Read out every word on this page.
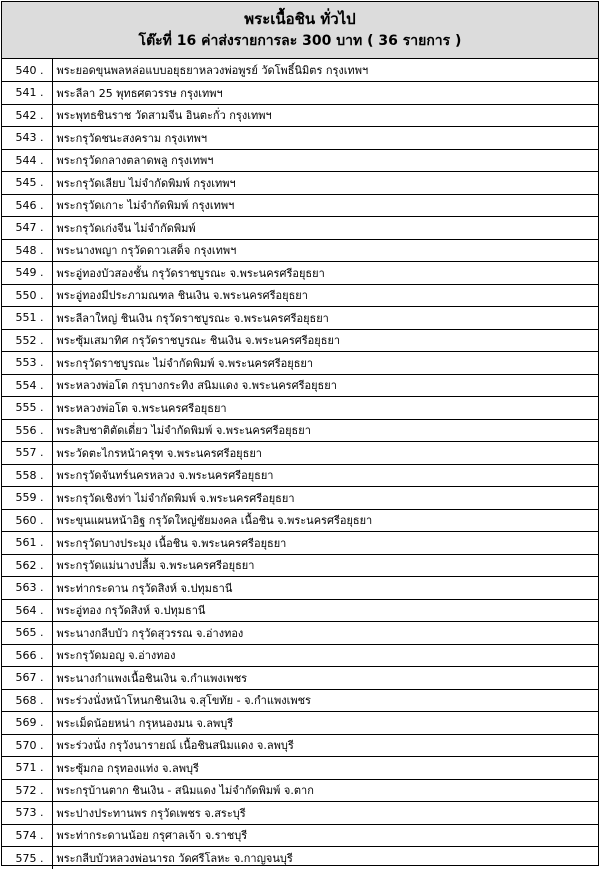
พระเนื้อชิน ทั่วไป
โต๊ะที่ 16 ค่าส่งรายการละ 300 บาท ( 36 รายการ )
540 .	พระยอดขุนพลหล่อแบบอยุธยาหลวงพ่อพูรย์ วัดโพธิ์นิมิตร กรุงเทพฯ
541 .	พระลีลา 25 พุทธศตวรรษ กรุงเทพฯ
542 .	พระพุทธชินราช วัดสามจีน อินตะกั่ว กรุงเทพฯ
543 .	พระกรุวัดชนะสงคราม กรุงเทพฯ
544 .	พระกรุวัดกลางตลาดพลู กรุงเทพฯ
545 .	พระกรุวัดเลียบ ไม่จำกัดพิมพ์ กรุงเทพฯ
546 .	พระกรุวัดเกาะ ไม่จำกัดพิมพ์ กรุงเทพฯ
547 .	พระกรุวัดเก่งจีน ไม่จำกัดพิมพ์
548 .	พระนางพญา กรุวัดดาวเสด็จ กรุงเทพฯ
549 .	พระอู่ทองบัวสองชั้น กรุวัดราชบูรณะ จ.พระนครศรีอยุธยา
550 .	พระอู่ทองมีประภามณฑล ชินเงิน จ.พระนครศรีอยุธยา
551 .	พระลีลาใหญ่ ชินเงิน กรุวัดราชบูรณะ จ.พระนครศรีอยุธยา
552 .	พระซุ้มเสมาทิศ กรุวัดราชบูรณะ ชินเงิน จ.พระนครศรีอยุธยา
553 .	พระกรุวัดราชบูรณะ ไม่จำกัดพิมพ์ จ.พระนครศรีอยุธยา
554 .	พระหลวงพ่อโต กรุบางกระทิง สนิมแดง จ.พระนครศรีอยุธยา
555 .	พระหลวงพ่อโต จ.พระนครศรีอยุธยา
556 .	พระสิบชาติตัดเดี่ยว ไม่จำกัดพิมพ์ จ.พระนครศรีอยุธยา
557 .	พระวัดตะไกรหน้าครุฑ จ.พระนครศรีอยุธยา
558 .	พระกรุวัดจันทร์นครหลวง จ.พระนครศรีอยุธยา
559 .	พระกรุวัดเชิงท่า ไม่จำกัดพิมพ์ จ.พระนครศรีอยุธยา
560 .	พระขุนแผนหน้าอิฐ กรุวัดใหญ่ชัยมงคล เนื้อชิน จ.พระนครศรีอยุธยา
561 .	พระกรุวัดบางประมุง เนื้อชิน จ.พระนครศรีอยุธยา
562 .	พระกรุวัดแม่นางปลื้ม จ.พระนครศรีอยุธยา
563 .	พระท่ากระดาน กรุวัดสิงห์ จ.ปทุมธานี
564 .	พระอู่ทอง กรุวัดสิงห์ จ.ปทุมธานี
565 .	พระนางกลีบบัว กรุวัดสุวรรณ จ.อ่างทอง
566 .	พระกรุวัดมอญ จ.อ่างทอง
567 .	พระนางกำแพงเนื้อชินเงิน จ.กำแพงเพชร
568 .	พระร่วงนั่งหน้าโหนกชินเงิน จ.สุโขทัย - จ.กำแพงเพชร
569 .	พระเม็ดน้อยหน่า กรุหนองมน จ.ลพบุรี
570 .	พระร่วงนั่ง กรุวังนารายณ์ เนื้อชินสนิมแดง จ.ลพบุรี
571 .	พระซุ้มกอ กรุทองแท่ง จ.ลพบุรี
572 .	พระกรุบ้านตาก ชินเงิน - สนิมแดง ไม่จำกัดพิมพ์ จ.ตาก
573 .	พระปางประทานพร กรุวัดเพชร จ.สระบุรี
574 .	พระท่ากระดานน้อย กรุศาลเจ้า จ.ราชบุรี
575 .	พระกลีบบัวหลวงพ่อนารถ วัดศรีโลหะ จ.กาญจนบุรี
